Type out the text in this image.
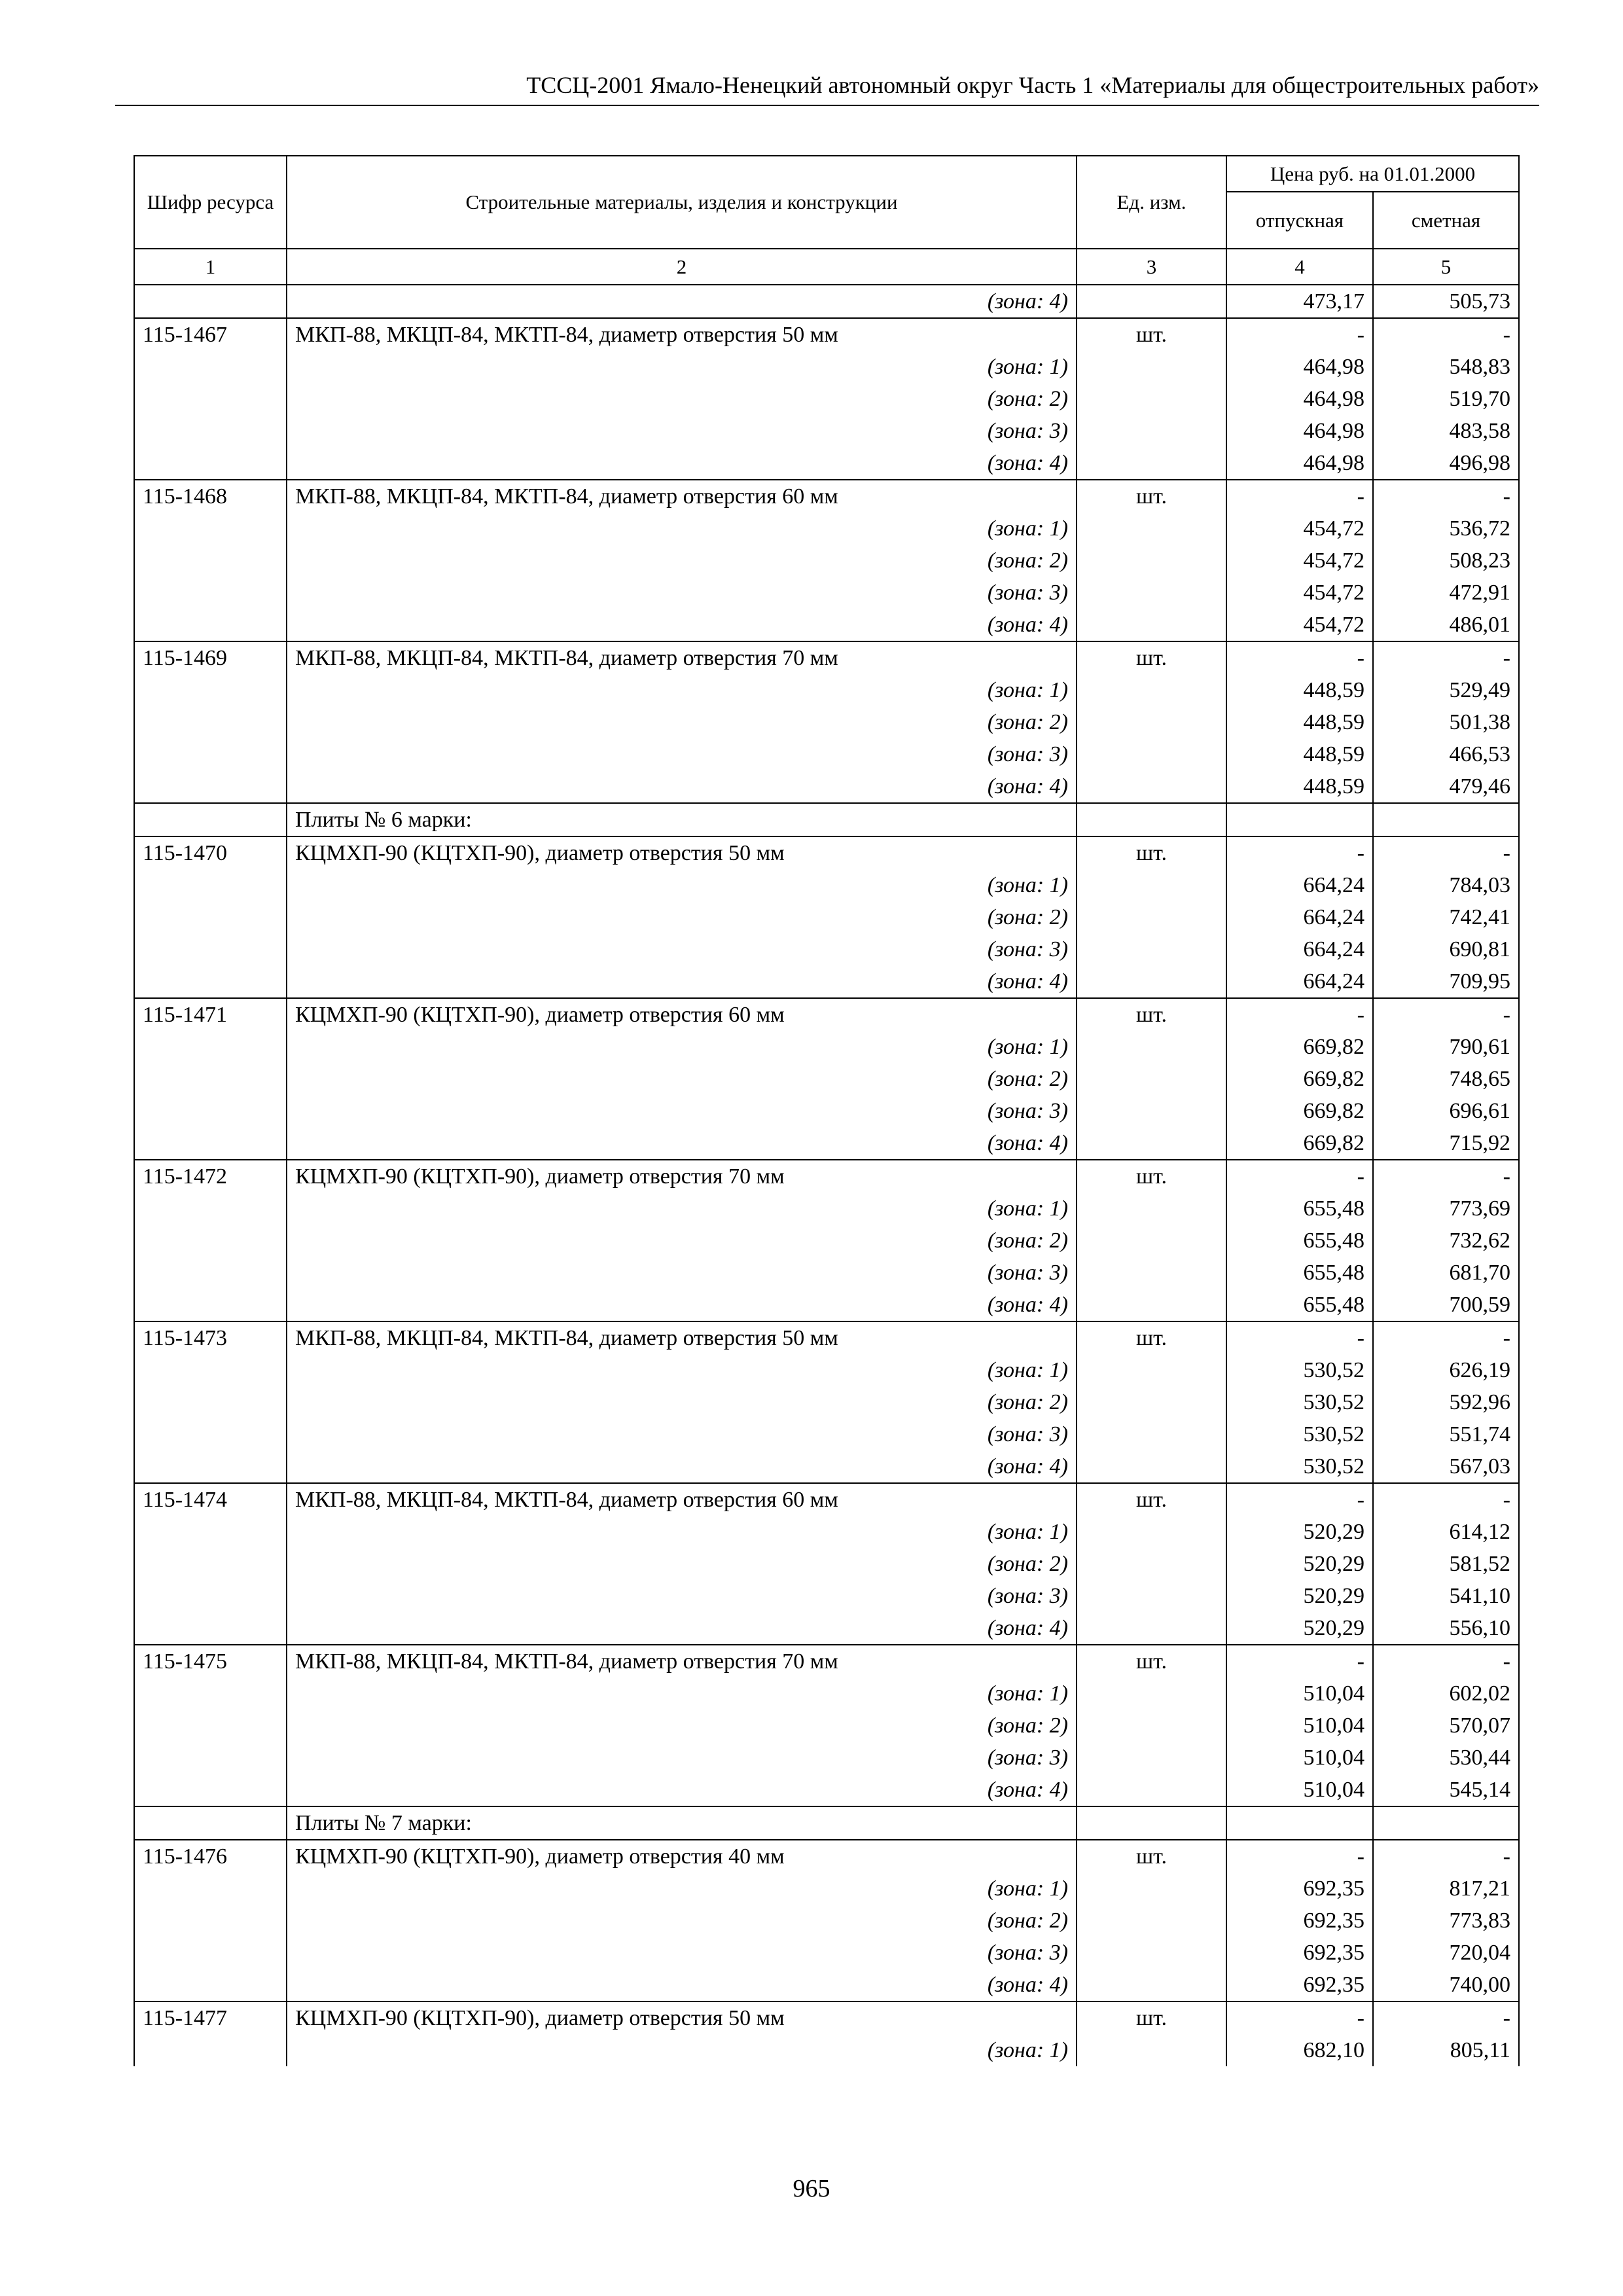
ТССЦ-2001 Ямало-Ненецкий автономный округ Часть 1 «Материалы для общестроительных работ»
Шифр ресурса	Строительные материалы, изделия и конструкции	Ед. изм.	Цена руб. на 01.01.2000	
			отпускная	сметная
1	2	3	4	5
	(зона: 4)		473,17	505,73
115-1467	МКП-88, МКЦП-84, МКТП-84, диаметр отверстия 50 мм	шт.	-	-
	(зона: 1)		464,98	548,83
	(зона: 2)		464,98	519,70
	(зона: 3)		464,98	483,58
	(зона: 4)		464,98	496,98
115-1468	МКП-88, МКЦП-84, МКТП-84, диаметр отверстия 60 мм	шт.	-	-
	(зона: 1)		454,72	536,72
	(зона: 2)		454,72	508,23
	(зона: 3)		454,72	472,91
	(зона: 4)		454,72	486,01
115-1469	МКП-88, МКЦП-84, МКТП-84, диаметр отверстия 70 мм	шт.	-	-
	(зона: 1)		448,59	529,49
	(зона: 2)		448,59	501,38
	(зона: 3)		448,59	466,53
	(зона: 4)		448,59	479,46
	Плиты № 6 марки:			
115-1470	КЦМХП-90 (КЦТХП-90), диаметр отверстия 50 мм	шт.	-	-
	(зона: 1)		664,24	784,03
	(зона: 2)		664,24	742,41
	(зона: 3)		664,24	690,81
	(зона: 4)		664,24	709,95
115-1471	КЦМХП-90 (КЦТХП-90), диаметр отверстия 60 мм	шт.	-	-
	(зона: 1)		669,82	790,61
	(зона: 2)		669,82	748,65
	(зона: 3)		669,82	696,61
	(зона: 4)		669,82	715,92
115-1472	КЦМХП-90 (КЦТХП-90), диаметр отверстия 70 мм	шт.	-	-
	(зона: 1)		655,48	773,69
	(зона: 2)		655,48	732,62
	(зона: 3)		655,48	681,70
	(зона: 4)		655,48	700,59
115-1473	МКП-88, МКЦП-84, МКТП-84, диаметр отверстия 50 мм	шт.	-	-
	(зона: 1)		530,52	626,19
	(зона: 2)		530,52	592,96
	(зона: 3)		530,52	551,74
	(зона: 4)		530,52	567,03
115-1474	МКП-88, МКЦП-84, МКТП-84, диаметр отверстия 60 мм	шт.	-	-
	(зона: 1)		520,29	614,12
	(зона: 2)		520,29	581,52
	(зона: 3)		520,29	541,10
	(зона: 4)		520,29	556,10
115-1475	МКП-88, МКЦП-84, МКТП-84, диаметр отверстия 70 мм	шт.	-	-
	(зона: 1)		510,04	602,02
	(зона: 2)		510,04	570,07
	(зона: 3)		510,04	530,44
	(зона: 4)		510,04	545,14
	Плиты № 7 марки:			
115-1476	КЦМХП-90 (КЦТХП-90), диаметр отверстия 40 мм	шт.	-	-
	(зона: 1)		692,35	817,21
	(зона: 2)		692,35	773,83
	(зона: 3)		692,35	720,04
	(зона: 4)		692,35	740,00
115-1477	КЦМХП-90 (КЦТХП-90), диаметр отверстия 50 мм	шт.	-	-
	(зона: 1)		682,10	805,11
965
